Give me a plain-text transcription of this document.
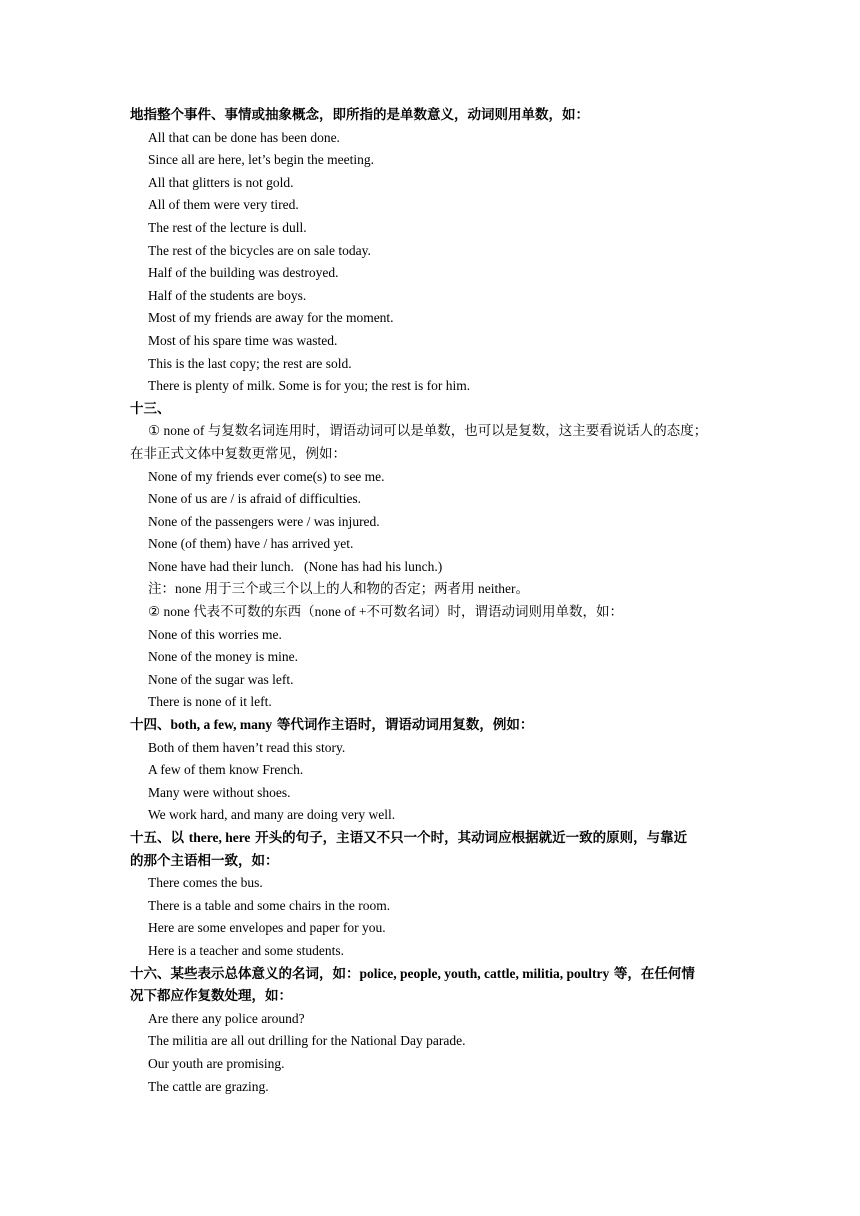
地指整个事件、事情或抽象概念，即所指的是单数意义，动词则用单数，如：
All that can be done has been done.
Since all are here, let’s begin the meeting.
All that glitters is not gold.
All of them were very tired.
The rest of the lecture is dull.
The rest of the bicycles are on sale today.
Half of the building was destroyed.
Half of the students are boys.
Most of my friends are away for the moment.
Most of his spare time was wasted.
This is the last copy; the rest are sold.
There is plenty of milk. Some is for you; the rest is for him.
十三、
① none of 与复数名词连用时，谓语动词可以是单数，也可以是复数，这主要看说话人的态度；
在非正式文体中复数更常见，例如：
None of my friends ever come(s) to see me.
None of us are / is afraid of difficulties.
None of the passengers were / was injured.
None (of them) have / has arrived yet.
None have had their lunch.   (None has had his lunch.)
注：none 用于三个或三个以上的人和物的否定；两者用 neither。
② none 代表不可数的东西（none of +不可数名词）时，谓语动词则用单数，如：
None of this worries me.
None of the money is mine.
None of the sugar was left.
There is none of it left.
十四、both, a few, many 等代词作主语时，谓语动词用复数，例如：
Both of them haven’t read this story.
A few of them know French.
Many were without shoes.
We work hard, and many are doing very well.
十五、以 there, here 开头的句子，主语又不只一个时，其动词应根据就近一致的原则，与靠近
的那个主语相一致，如：
There comes the bus.
There is a table and some chairs in the room.
Here are some envelopes and paper for you.
Here is a teacher and some students.
十六、某些表示总体意义的名词，如：police, people, youth, cattle, militia, poultry 等，在任何情
况下都应作复数处理，如：
Are there any police around?
The militia are all out drilling for the National Day parade.
Our youth are promising.
The cattle are grazing.
